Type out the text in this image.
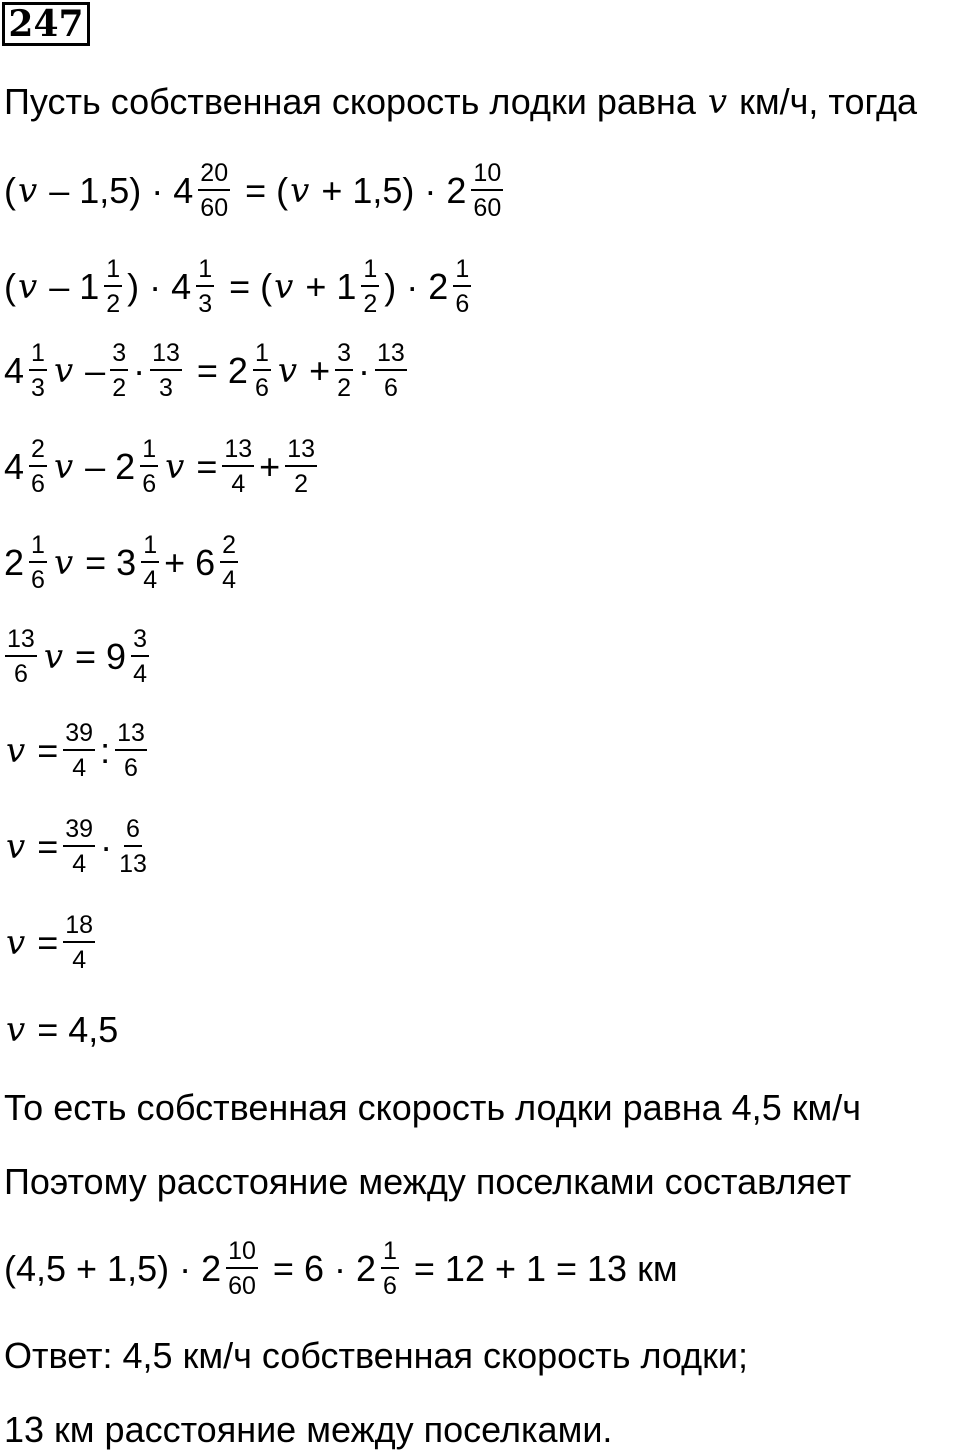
247
Пусть собственная скорость лодки равна v км/ч, тогда
( $v - 1,5) \cdot 4 \frac{20}{60}$ = ( $v + 1,5) \cdot 2 \frac{10}{60}$
( v – $1 \frac{1}{2}$ ) · $4 \frac{1}{3}$ = ( $v + 1 \frac{1}{2}$ ) · $2 \frac{1}{6}$
$4 \frac{1}{3}$ $v - \frac{3}{2} \cdot \frac{13}{3} = 2 \frac{1}{6}$ $v + \frac{3}{2} \cdot \frac{13}{6}$
$4 \frac{2}{6}$ v – $2 \frac{1}{6}$ $v = \frac{13}{4} + \frac{13}{2}$
$2 \frac{1}{6}$ $v = 3 \frac{1}{4} + 6 \frac{2}{4}$
$\frac{13}{6}$ $v = 9 \frac{3}{4}$
$v = \frac{39}{4}$ : $\frac{13}{6}$
$v = \frac{39}{4} \cdot \frac{6}{13}$
$v = \frac{18}{4}$
v = 4,5
То есть собственная скорость лодки равна 4,5 км/ч
Поэтому расстояние между поселками составляет
$(4,5 + 1,5) \cdot 2 \frac{10}{60} = 6 \cdot 2 \frac{1}{6} = 12 + 1 = 13$ км
Ответ: 4,5 км/ч собственная скорость лодки;
13 км расстояние между поселками.
